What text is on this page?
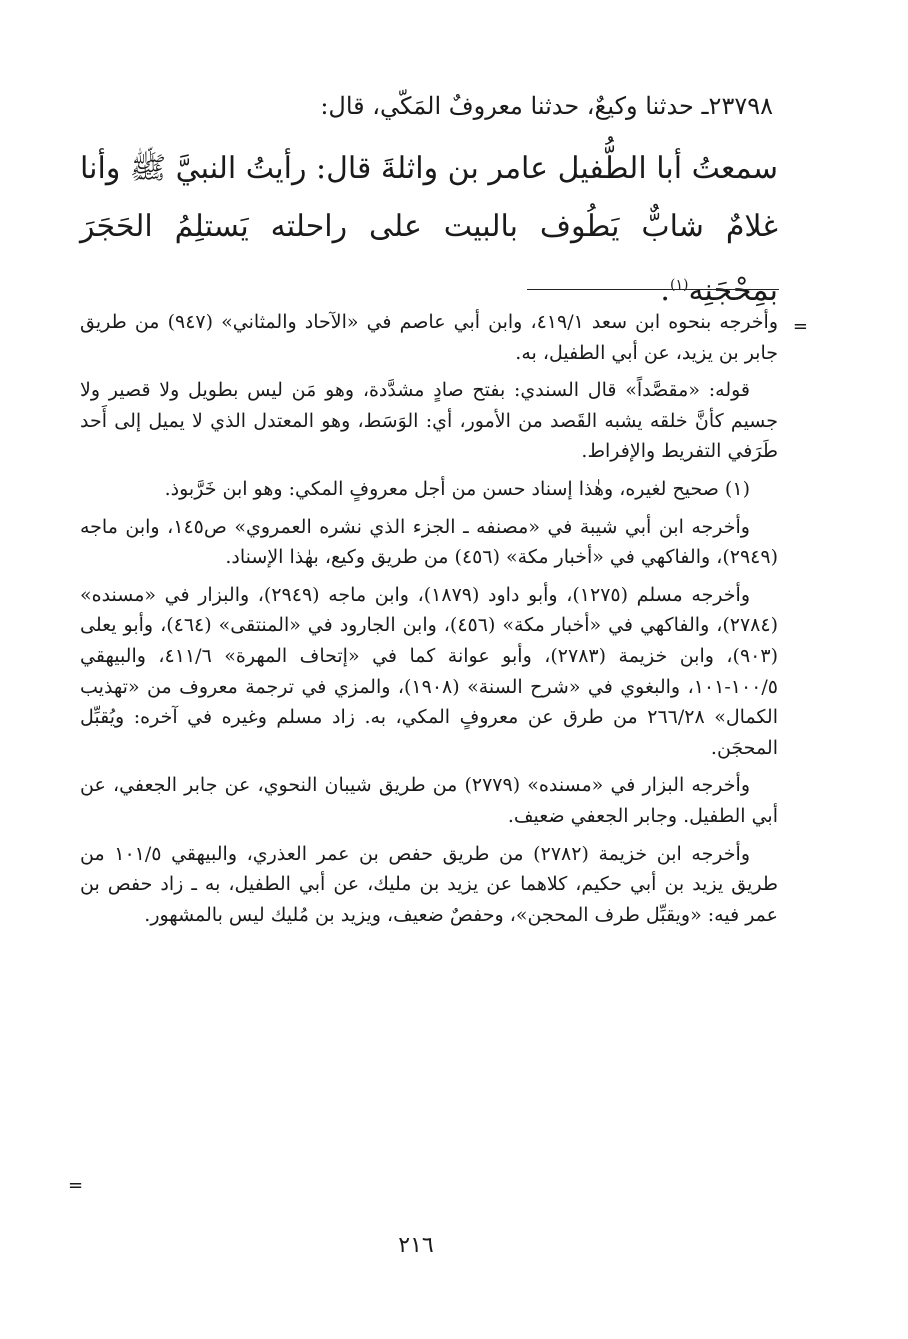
٢٣٧٩٨ـ حدثنا وكيعٌ، حدثنا معروفٌ المَكّي، قال:
سمعتُ أبا الطُّفيل عامر بن واثلةَ قال: رأيتُ النبيَّ ﷺ وأنا غلامٌ شابٌّ يَطُوف بالبيت على راحلته يَستلِمُ الحَجَرَ بمِحْجَنِه$^{(١)}$.
=

وأخرجه بنحوه ابن سعد ٤١٩/١، وابن أبي عاصم في «الآحاد والمثاني» (٩٤٧) من طريق جابر بن يزيد، عن أبي الطفيل، به.

قوله: «مقصَّداً» قال السندي: بفتح صادٍ مشدَّدة، وهو مَن ليس بطويل ولا قصير ولا جسيم كأنَّ خلقه يشبه القَصد من الأمور، أي: الوَسَط، وهو المعتدل الذي لا يميل إلى أَحد طَرَفي التفريط والإفراط.

(١) صحيح لغيره، وهٰذا إسناد حسن من أجل معروفٍ المكي: وهو ابن خَرَّبوذ.

وأخرجه ابن أبي شيبة في «مصنفه ـ الجزء الذي نشره العمروي» ص١٤٥، وابن ماجه (٢٩٤٩)، والفاكهي في «أخبار مكة» (٤٥٦) من طريق وكيع، بهٰذا الإسناد.

وأخرجه مسلم (١٢٧٥)، وأبو داود (١٨٧٩)، وابن ماجه (٢٩٤٩)، والبزار في «مسنده» (٢٧٨٤)، والفاكهي في «أخبار مكة» (٤٥٦)، وابن الجارود في «المنتقى» (٤٦٤)، وأبو يعلى (٩٠٣)، وابن خزيمة (٢٧٨٣)، وأبو عوانة كما في «إتحاف المهرة» ٤١١/٦، والبيهقي ١٠٠/٥-١٠١، والبغوي في «شرح السنة» (١٩٠٨)، والمزي في ترجمة معروف من «تهذيب الكمال» ٢٦٦/٢٨ من طرق عن معروفٍ المكي، به. زاد مسلم وغيره في آخره: ويُقبِّل المحجَن.

وأخرجه البزار في «مسنده» (٢٧٧٩) من طريق شيبان النحوي، عن جابر الجعفي، عن أبي الطفيل. وجابر الجعفي ضعيف.

وأخرجه ابن خزيمة (٢٧٨٢) من طريق حفص بن عمر العذري، والبيهقي ١٠١/٥ من طريق يزيد بن أبي حكيم، كلاهما عن يزيد بن مليك، عن أبي الطفيل، به ـ زاد حفص بن عمر فيه: «ويقبِّل طرف المحجن»، وحفصٌ ضعيف، ويزيد بن مُليك ليس بالمشهور.

=
٢١٦
